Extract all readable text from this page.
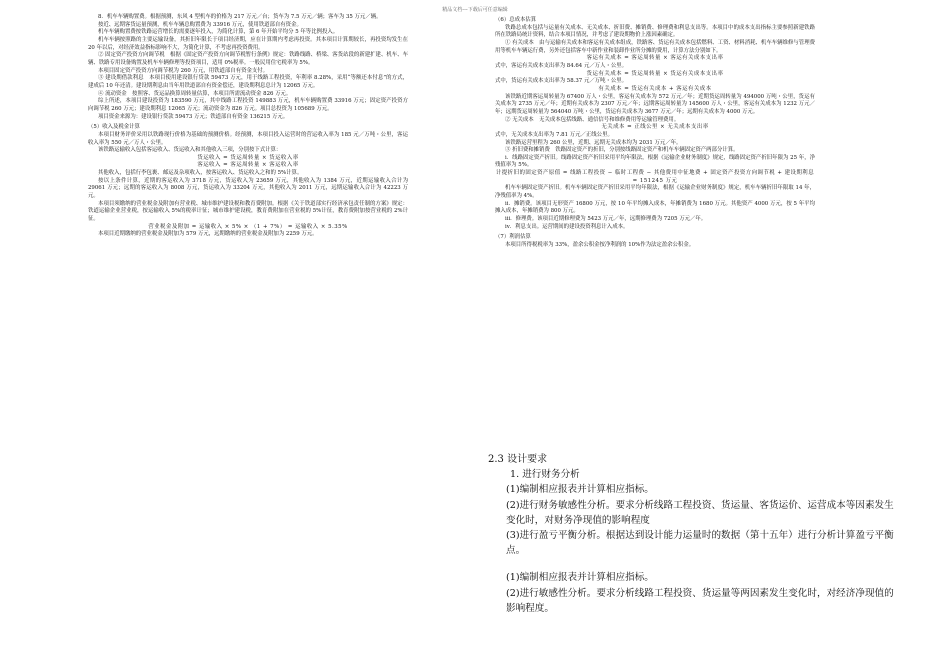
精品文档---下载后可任意编辑

8．机车车辆购置费。根据预测，东风 4 型机车的价格为 217 万元／台；货车为 7.5 万元／辆；客车为 35 万元／辆。

按近、远期客货运量预测，机车车辆总购置费为 33916 万元，使用铁道部自有资金。

机车车辆购置费按铁路运营增长的需要逐年投入，为简化计算，第 6 年开始平均分 5 年等比例投入。

机车车辆按照路的主要运输设备，其折旧年限长于项目经济期，应在计算期内考虑再投资。其本项目计算期较长，再投资均发生在 20 年以后，对经济效益指标影响不大，为简化计算，不考虑再投资费用。

② 固定资产投资方向调节税　根据《固定资产投资方向调节税暂行条例》规定：铁路线路、桥梁、客货站段的新建扩建、机车、车辆、铁路专用设备购置及机车车辆修理等投资项目，适用 0%税率。一般民用住宅税率为 5%。

本项目固定资产投资方向调节税为 260 万元，用铁道部自有资金支付。

③ 建设期借款利息　本项目使用建设银行贷款 59473 万元，用于线路工程投资，年利率 8.28%，采用“等额还本付息”的方式，建成后 10 年还清。建设期利息由当年用铁道部自有资金偿还，建设期利息总计为 12065 万元。

④ 流动资金　按照客、货运品换算周转量估算，本项目所需流动资金 826 万元。

综上所述，本项目建设投资为 183590 万元，其中线路工程投资 149883 万元，机车车辆购置费 33916 万元；固定资产投资方向调节税 260 万元；建设期利息 12065 万元；流动资金为 826 万元。项目总投资为 105689 万元。

项目资金来源为：建设银行贷款 59473 万元；铁道部自有资金 136215 万元。

（5）收入及税金计算

本项目财务评价采用以铁路现行价格为基础的预测价格。经预测，本项目投入运营时的营运收入率为 185 元／万吨・公里，客运收入率为 550 元／万人・公里。

该铁路运输收入包括客运收入、货运收入和其他收入三项，分别按下式计算：

货运收入 = 货运周转量 × 货运收入率

客运收入 = 客运周转量 × 客运收入率

其他收入，包括行李包裹、邮运及杂项收入，按客运收入、货运收入之和的 5%计算。

按以上条件计算，近期的客运收入为 3718 万元，货运收入为 23659 万元，其他收入为 1384 万元，近期运输收入合计为 29061 万元；远期的客运收入为 8008 万元，货运收入为 33204 万元，其他收入为 2011 万元，远期运输收入合计为 42223 万元。

本项目须缴纳的营业税金及附加有营业税、城市维护建设税和教育费附加。根据《关于铁道部实行经济承包责任制的方案》规定：铁道运输企业营业税，按运输收入 5%的税率计征；城市维护建设税，教育费附加在营业税的 5%计征，教育费附加按营业税的 2%计征。

营业税金及附加 = 运输收入 × 5% × （1 + 7%） = 运输收入 × 5.35%

本项目近期缴纳的营业税金及附加为 579 万元，远期缴纳的营业税金及附加为 2259 万元。

（6）总成本估算

铁路总成本包括与运量有关成本、无关成本、折旧费、摊销费、修理费和利息支出等。本项目中的成本支出指标主要参照新建铁路所在铁路局统计资料，结合本项目情况，并考虑了建设期物价上涨因素确定。

① 有关成本　由与运输有关成本和客运有关成本组成，铁路客、货运有关成本包括燃料、工资、材料消耗、机车车辆维修与管理费用等机车车辆运行费，另外还包括客车中新作业和装卸作业所分摊的费用，计算方法分别如下。

客运有关成本 = 客运周转量 × 客运有关成本支出率

式中，客运有关成本支出率为 84.64 元／万人・公里。

货运有关成本 = 货运周转量 × 货运有关成本支出率

式中，货运有关成本支出率为 58.37 元／万吨・公里。

有关成本 = 货运有关成本 + 客运有关成本

该铁路近期客运周转量为 67400 万人・公里，客运有关成本为 572 万元／年；近期货运周转量为 494000 万吨・公里，货运有关成本为 2735 万元／年；近期有关成本为 2307 万元／年；远期客运周转量为 145600 万人・公里，客运有关成本为 1232 万元／年；远期货运周转量为 564040 万吨・公里，货运有关成本为 3677 万元／年；远期有关成本为 4000 万元。

② 无关成本　无关成本包括线路、通信信号和维修费用等运输管理费用。

无关成本 = 正线公里 × 无关成本支出率

式中，无关成本支出率为 7.81 万元／正线公里。

该铁路运营里程为 260 公里，近期、远期无关成本均为 2031 万元／年。

③ 折旧费和摊销费　铁路固定资产的折旧，分别按线路固定资产和机车车辆固定资产两部分计算。

i．线路固定资产折旧。线路固定资产折旧采用平均年限法，根据《运输企业财务制度》规定，线路固定资产折旧年限为 25 年，净残值率为 5%。

计提折旧的固定资产原值 = 线路工程投资 − 临时工程费 − 其他费用中征地费 + 固定资产投资方向调节税 + 建设期利息 = 151245 万元

机车车辆固定资产折旧。机车车辆固定资产折旧采用平均年限法，根据《运输企业财务制度》规定，机车车辆折旧年限取 14 年，净残值率为 4%。

ii．摊销费。该项目无形资产 16800 万元，按 10 年平均摊入成本，年摊销费为 1680 万元。其他资产 4000 万元，按 5 年平均摊入成本，年摊销费为 800 万元。

iii．修理费。该项目近期修理费为 5423 万元／年，远期修理费为 7205 万元／年。

iv．利息支出。运营期间的建设投资利息计入成本。

（7）利润估算

本项目所得税税率为 33%，盈余公积金按净利润的 10%作为法定盈余公积金。

2.3 设计要求

1. 进行财务分析

(1)编制相应报表并计算相应指标。

(2)进行财务敏感性分析。要求分析线路工程投资、货运量、客货运价、运营成本等因素发生变化时，对财务净现值的影响程度

(3)进行盈亏平衡分析。根据达到设计能力运量时的数据（第十五年）进行分析计算盈亏平衡点。

(1)编制相应报表并计算相应指标。

(2)进行敏感性分析。要求分析线路工程投资、货运量等两因素发生变化时，对经济净现值的影响程度。
